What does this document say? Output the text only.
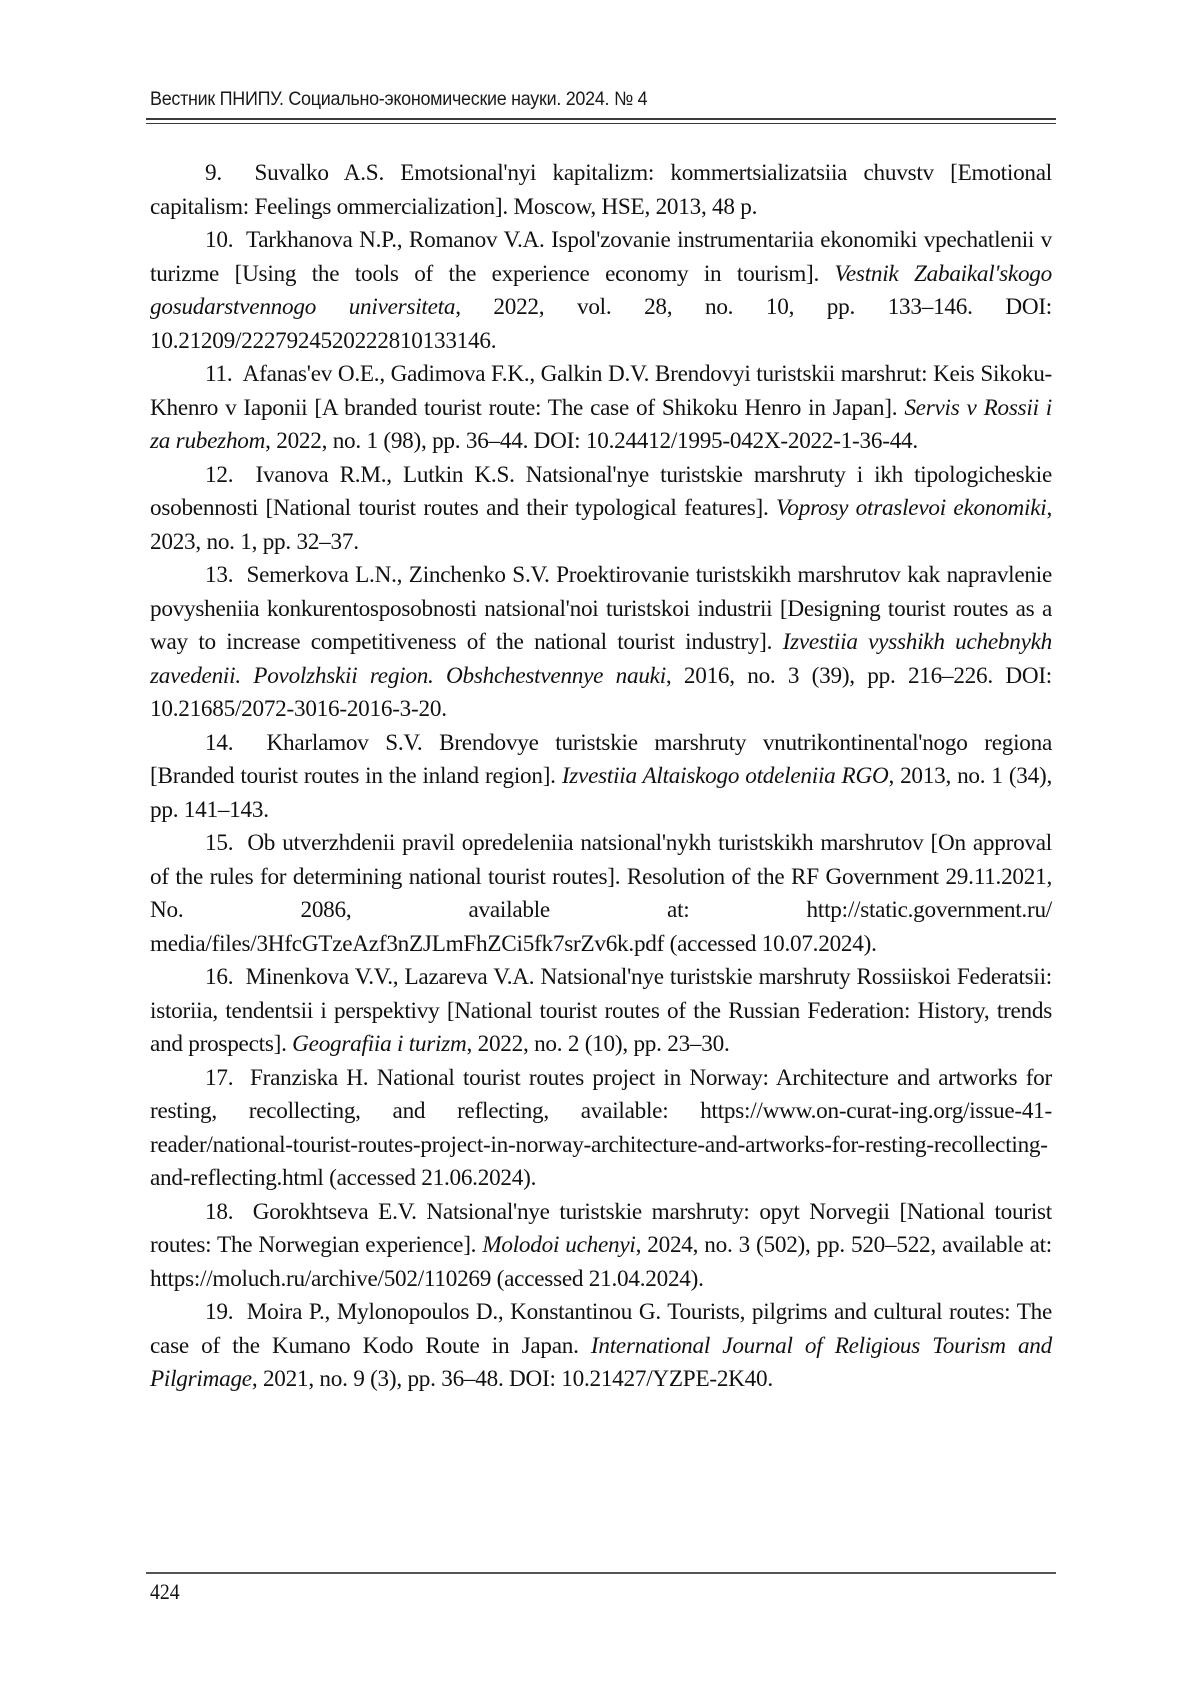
Вестник ПНИПУ. Социально-экономические науки. 2024. № 4

9.  Suvalko A.S. Emotsional'nyi kapitalizm: kommertsializatsiia chuvstv [Emotional capitalism: Feelings ommercialization]. Moscow, HSE, 2013, 48 p.

10.  Tarkhanova N.P., Romanov V.A. Ispol'zovanie instrumentariia ekonomiki vpechatlenii v turizme [Using the tools of the experience economy in tourism]. Vestnik Zabaikal'skogo gosudarstvennogo universiteta, 2022, vol. 28, no. 10, pp. 133–146. DOI: 10.21209/22279245202228101331​46.

11.  Afanas'ev O.E., Gadimova F.K., Galkin D.V. Brendovyi turistskii marshrut: Keis Sikoku-Khenro v Iaponii [A branded tourist route: The case of Shikoku Henro in Japan]. Servis v Rossii i za rubezhom, 2022, no. 1 (98), pp. 36–44. DOI: 10.24412/1995-042X-2022-1-36-44.

12.  Ivanova R.M., Lutkin K.S. Natsional'nye turistskie marshruty i ikh tipologicheskie osobennosti [National tourist routes and their typological features]. Voprosy otraslevoi ekonomiki, 2023, no. 1, pp. 32–37.

13.  Semerkova L.N., Zinchenko S.V. Proektirovanie turistskikh marshrutov kak napravlenie povysheniia konkurentosposobnosti natsional'noi turistskoi industrii [Designing tourist routes as a way to increase competitiveness of the national tourist industry]. Izvestiia vysshikh uchebnykh zavedenii. Povolzhskii region. Obshchestvennye nauki, 2016, no. 3 (39), pp. 216–226. DOI: 10.21685/2072-3016-2016-3-20.

14.  Kharlamov S.V. Brendovye turistskie marshruty vnutrikontinental'nogo regiona [Branded tourist routes in the inland region]. Izvestiia Altaiskogo otdeleniia RGO, 2013, no. 1 (34), pp. 141–143.

15.  Ob utverzhdenii pravil opredeleniia natsional'nykh turistskikh marshrutov [On approval of the rules for determining national tourist routes]. Resolution of the RF Government 29.11.2021, No. 2086, available at: http://static.government.ru/​media/files/3HfcGTzeAzf3nZJLmFhZCi5fk7srZv6k.pdf (accessed 10.07.2024).

16.  Minenkova V.V., Lazareva V.A. Natsional'nye turistskie marshruty Rossiiskoi Federatsii: istoriia, tendentsii i perspektivy [National tourist routes of the Russian Federation: History, trends and prospects]. Geografiia i turizm, 2022, no. 2 (10), pp. 23–30.

17.  Franziska H. National tourist routes project in Norway: Architecture and artworks for resting, recollecting, and reflecting, available: https://www.on-curat-​ing.org/issue-41-reader/national-tourist-routes-project-in-norway-architecture-and-​artworks-for-resting-recollecting-and-reflecting.html (accessed 21.06.2024).

18.  Gorokhtseva E.V. Natsional'nye turistskie marshruty: opyt Norvegii [National tourist routes: The Norwegian experience]. Molodoi uchenyi, 2024, no. 3 (502), pp. 520–522, available at: https://moluch.ru/archive/502/110269 (accessed 21.04.2024).

19.  Moira P., Mylonopoulos D., Konstantinou G. Tourists, pilgrims and cultural routes: The case of the Kumano Kodo Route in Japan. International Journal of Religious Tourism and Pilgrimage, 2021, no. 9 (3), pp. 36–48. DOI: 10.21427/YZPE-2K40.

424
